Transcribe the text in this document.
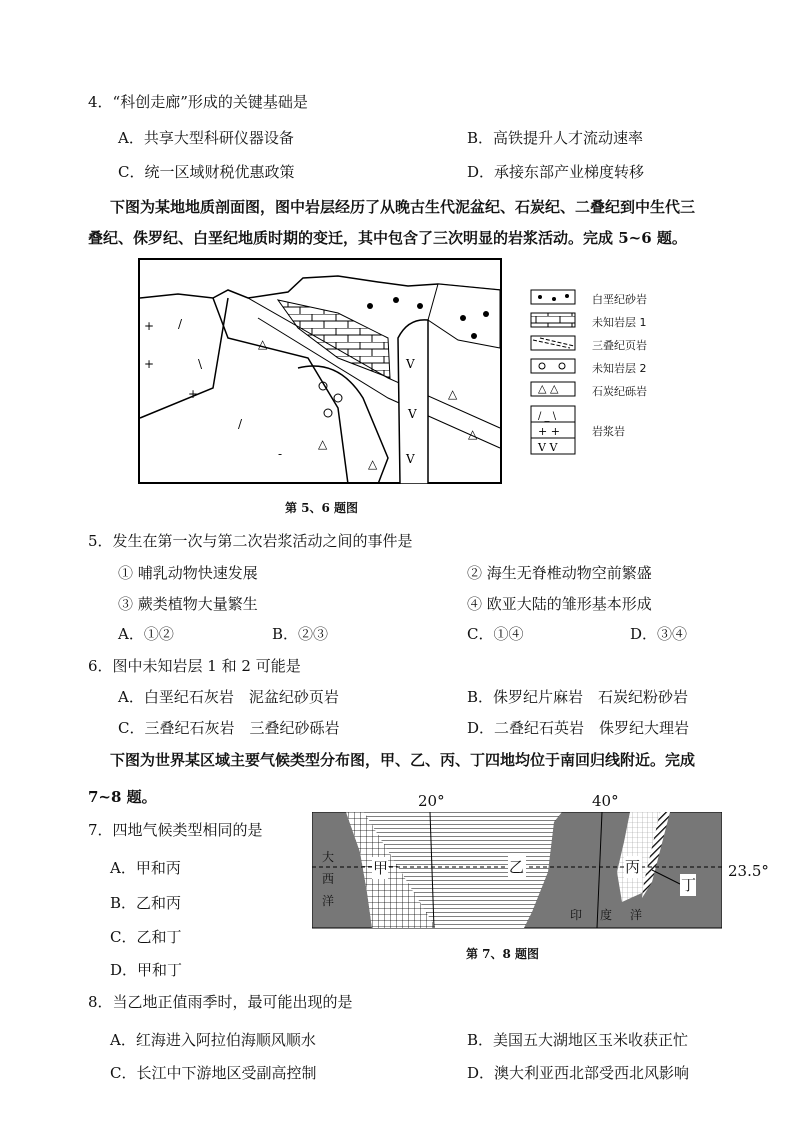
4．“科创走廊”形成的关键基础是
A．共享大型科研仪器设备	B．高铁提升人才流动速率
C．统一区域财税优惠政策	D．承接东部产业梯度转移
下图为某地地质剖面图，图中岩层经历了从晚古生代泥盆纪、石炭纪、二叠纪到中生代三
叠纪、侏罗纪、白垩纪地质时期的变迁，其中包含了三次明显的岩浆活动。完成 5~6 题。
V
V
V
+
+
+
△
△
△
△
△
/
\
/
-
△ △
/ _ \
+ +
V V
白垩纪砂岩
未知岩层 1
三叠纪页岩
未知岩层 2
石炭纪砾岩
岩浆岩
第 5、6 题图
5．发生在第一次与第二次岩浆活动之间的事件是
① 哺乳动物快速发展	② 海生无脊椎动物空前繁盛
③ 蕨类植物大量繁生	④ 欧亚大陆的雏形基本形成
A．①②	B．②③	C．①④	D．③④
6．图中未知岩层 1 和 2 可能是
A．白垩纪石灰岩　泥盆纪砂页岩	B．侏罗纪片麻岩　石炭纪粉砂岩
C．三叠纪石灰岩　三叠纪砂砾岩	D．二叠纪石英岩　侏罗纪大理岩
下图为世界某区域主要气候类型分布图，甲、乙、丙、丁四地均位于南回归线附近。完成
7~8 题。	20°	40°
23.5°
甲	乙	丙
丁
大
西
洋
印 度 洋
第 7、8 题图
7．四地气候类型相同的是
A．甲和丙
B．乙和丙
C．乙和丁
D．甲和丁
8．当乙地正值雨季时，最可能出现的是
A．红海进入阿拉伯海顺风顺水	B．美国五大湖地区玉米收获正忙
C．长江中下游地区受副高控制	D．澳大利亚西北部受西北风影响
